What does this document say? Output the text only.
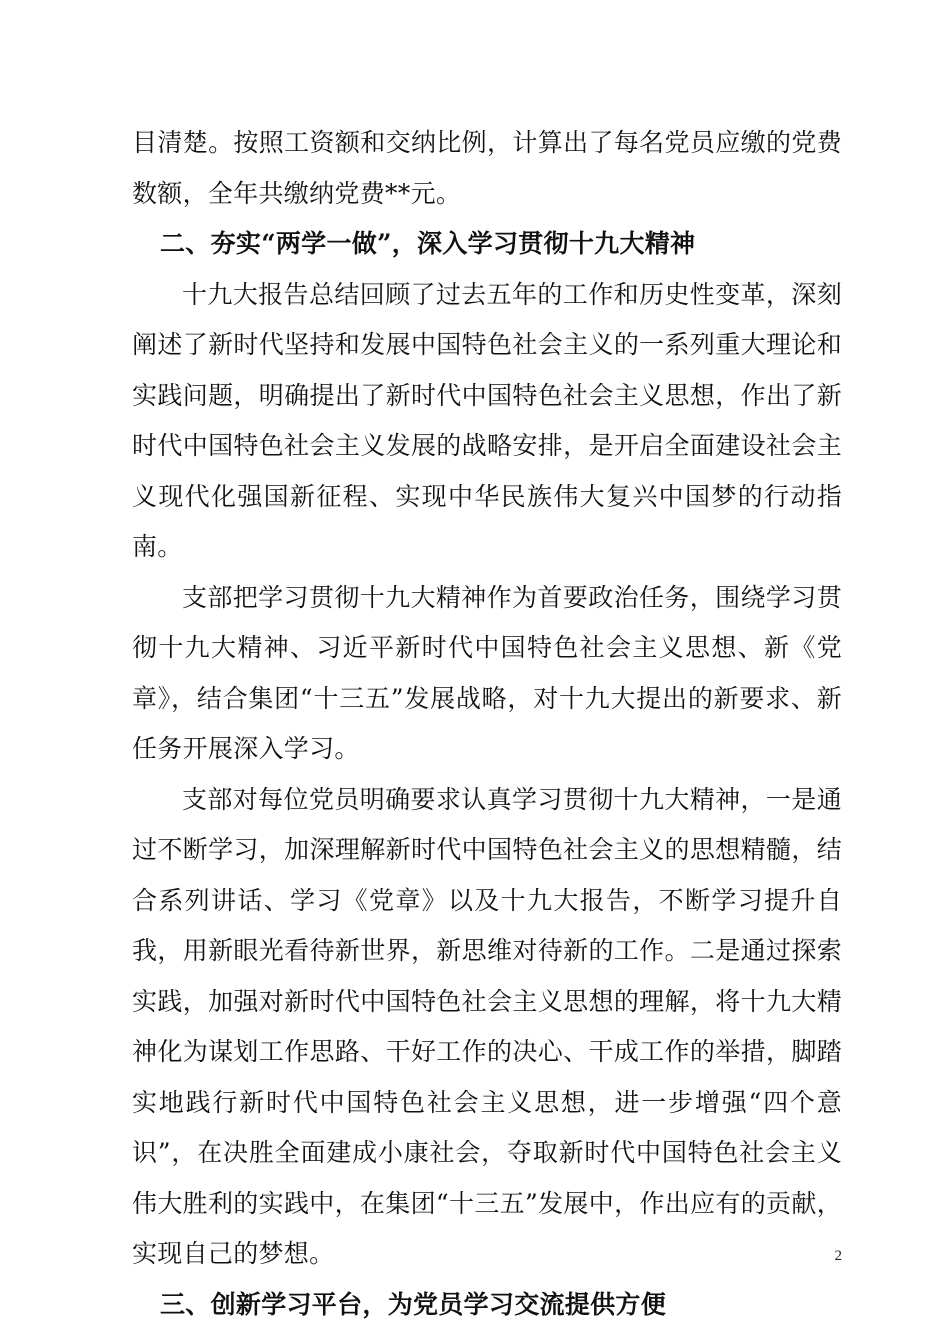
目清楚。按照工资额和交纳比例，计算出了每名党员应缴的党费数额，全年共缴纳党费**元。

二、夯实“两学一做”，深入学习贯彻十九大精神

十九大报告总结回顾了过去五年的工作和历史性变革，深刻阐述了新时代坚持和发展中国特色社会主义的一系列重大理论和实践问题，明确提出了新时代中国特色社会主义思想，作出了新时代中国特色社会主义发展的战略安排，是开启全面建设社会主义现代化强国新征程、实现中华民族伟大复兴中国梦的行动指南。

支部把学习贯彻十九大精神作为首要政治任务，围绕学习贯彻十九大精神、习近平新时代中国特色社会主义思想、新《党章》，结合集团“十三五”发展战略，对十九大提出的新要求、新任务开展深入学习。

支部对每位党员明确要求认真学习贯彻十九大精神，一是通过不断学习，加深理解新时代中国特色社会主义的思想精髓，结合系列讲话、学习《党章》以及十九大报告，不断学习提升自我，用新眼光看待新世界，新思维对待新的工作。二是通过探索实践，加强对新时代中国特色社会主义思想的理解，将十九大精神化为谋划工作思路、干好工作的决心、干成工作的举措，脚踏实地践行新时代中国特色社会主义思想，进一步增强“四个意识”，在决胜全面建成小康社会，夺取新时代中国特色社会主义伟大胜利的实践中，在集团“十三五”发展中，作出应有的贡献，实现自己的梦想。

三、创新学习平台，为党员学习交流提供方便

2
